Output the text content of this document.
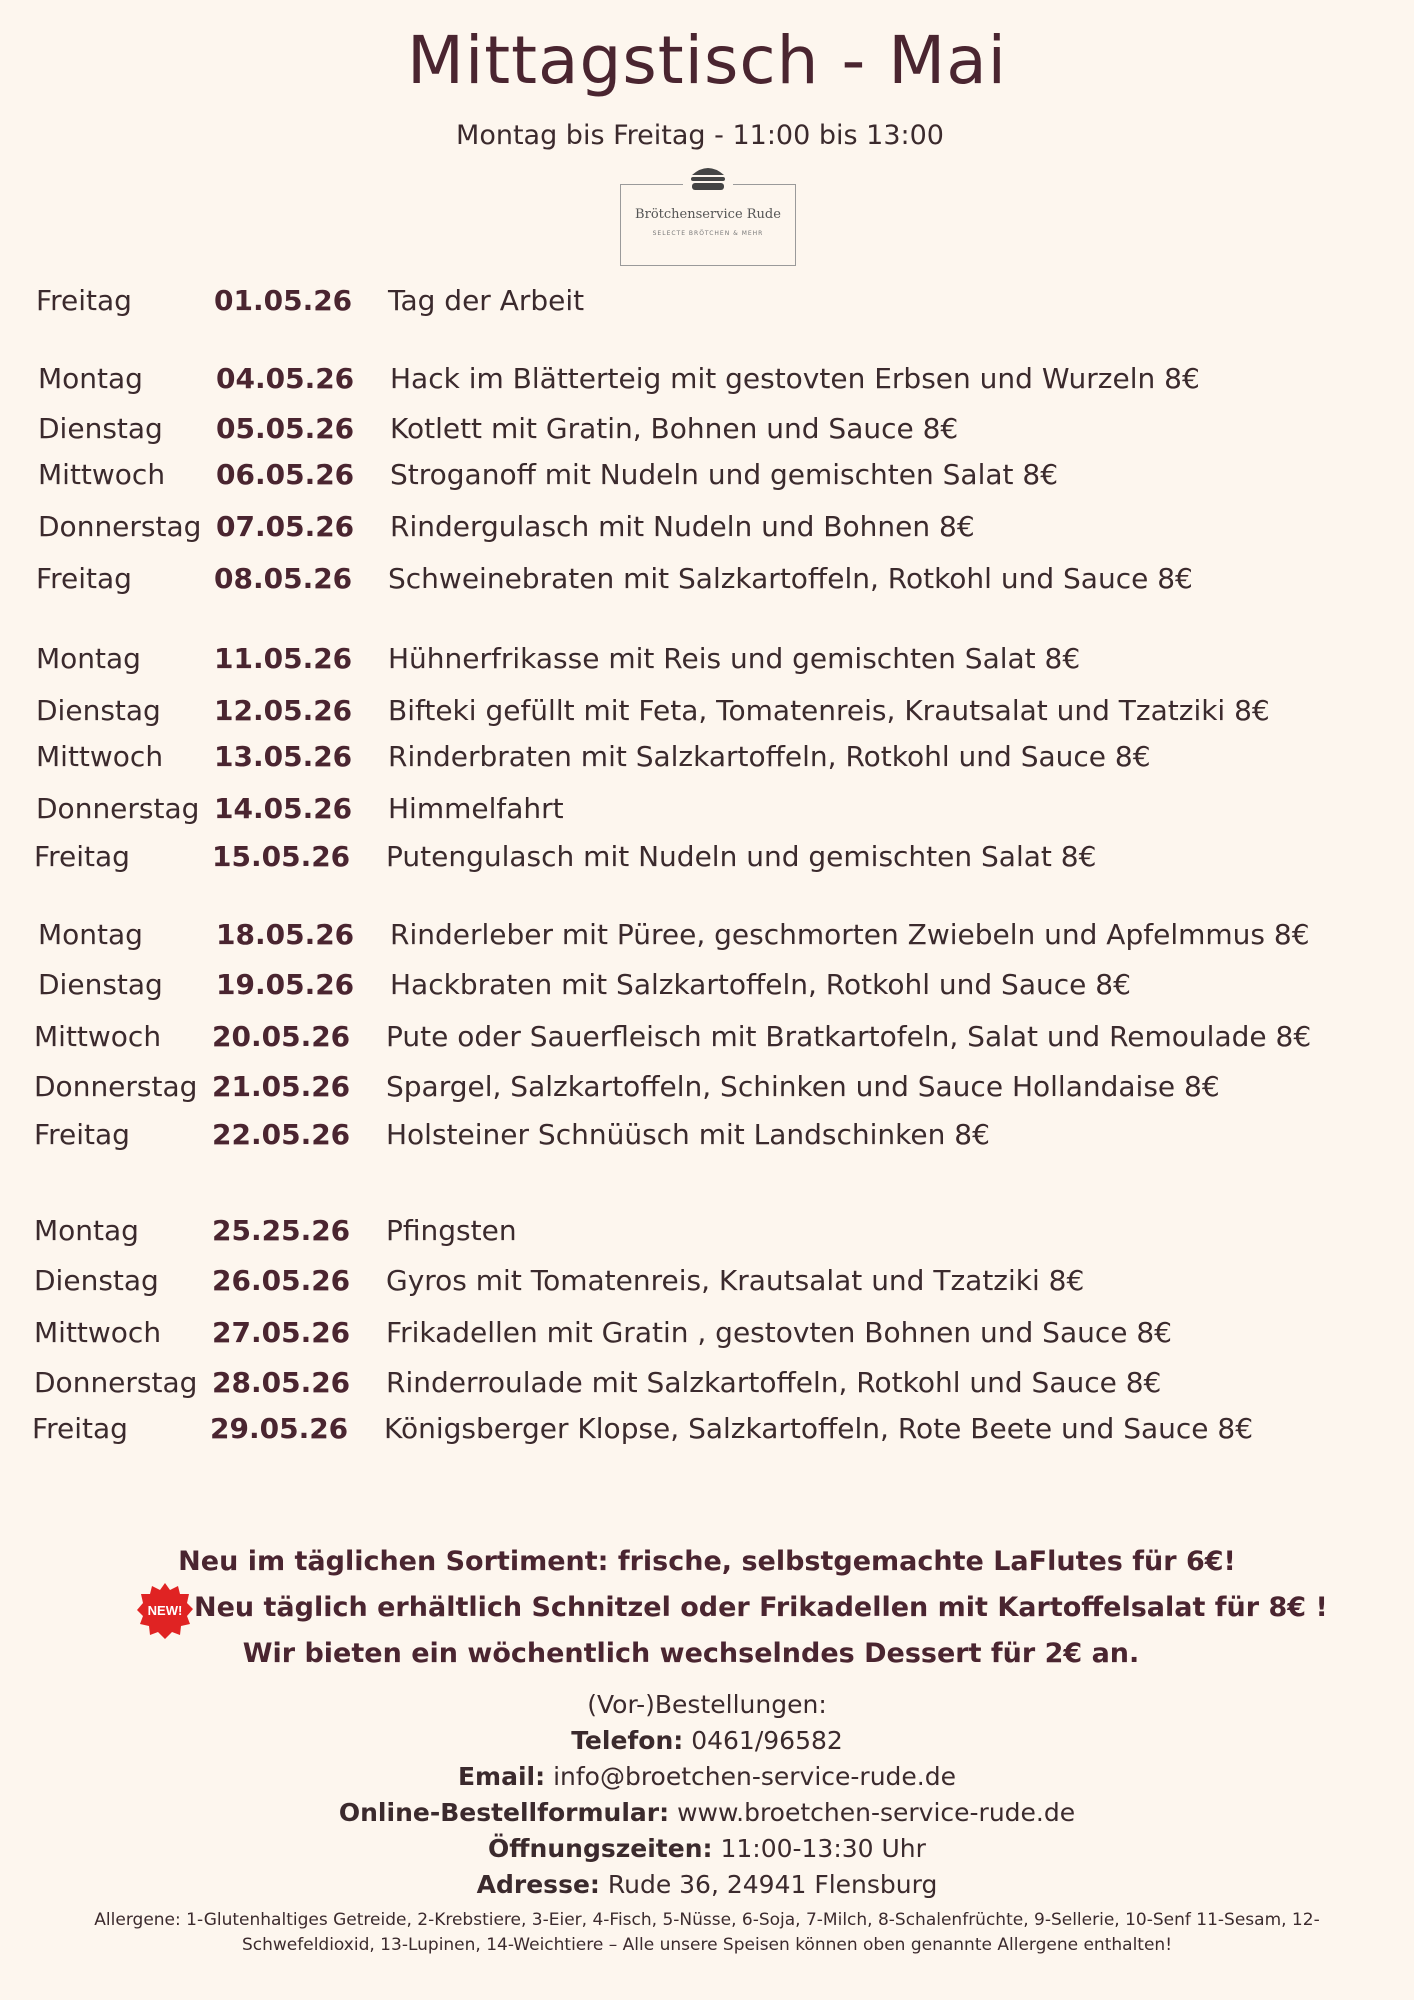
Mittagstisch - Mai
Montag bis Freitag - 11:00 bis 13:00
Brötchenservice Rude
SELECTE BRÖTCHEN & MEHR
Freitag	01.05.26 Tag der Arbeit
Montag	04.05.26 Hack im Blätterteig mit gestovten Erbsen und Wurzeln 8€
Dienstag 05.05.26 Kotlett mit Gratin, Bohnen und Sauce 8€
Mittwoch 06.05.26 Stroganoff mit Nudeln und gemischten Salat 8€
Donnerstag 07.05.26 Rindergulasch mit Nudeln und Bohnen 8€
Freitag	08.05.26 Schweinebraten mit Salzkartoffeln, Rotkohl und Sauce 8€
Montag	11.05.26 Hühnerfrikasse mit Reis und gemischten Salat 8€
Dienstag 12.05.26 Bifteki gefüllt mit Feta, Tomatenreis, Krautsalat und Tzatziki 8€
Mittwoch 13.05.26 Rinderbraten mit Salzkartoffeln, Rotkohl und Sauce 8€
Donnerstag 14.05.26 Himmelfahrt
Freitag	15.05.26 Putengulasch mit Nudeln und gemischten Salat 8€
Montag	18.05.26 Rinderleber mit Püree, geschmorten Zwiebeln und Apfelmmus 8€
Dienstag 19.05.26 Hackbraten mit Salzkartoffeln, Rotkohl und Sauce 8€
Mittwoch 20.05.26 Pute oder Sauerfleisch mit Bratkartofeln, Salat und Remoulade 8€
Donnerstag 21.05.26 Spargel, Salzkartoffeln, Schinken und Sauce Hollandaise 8€
Freitag	22.05.26 Holsteiner Schnüüsch mit Landschinken 8€
Montag	25.25.26 Pfingsten
Dienstag 26.05.26 Gyros mit Tomatenreis, Krautsalat und Tzatziki 8€
Mittwoch 27.05.26 Frikadellen mit Gratin , gestovten Bohnen und Sauce 8€
Donnerstag 28.05.26 Rinderroulade mit Salzkartoffeln, Rotkohl und Sauce 8€
Freitag	29.05.26 Königsberger Klopse, Salzkartoffeln, Rote Beete und Sauce 8€
Neu im täglichen Sortiment: frische, selbstgemachte LaFlutes für 6€!
NEW! Neu täglich erhältlich Schnitzel oder Frikadellen mit Kartoffelsalat für 8€ !
Wir bieten ein wöchentlich wechselndes Dessert für 2€ an.
(Vor-)Bestellungen:
Telefon: 0461/96582
Email: info@broetchen-service-rude.de
Online-Bestellformular: www.broetchen-service-rude.de
Öffnungszeiten: 11:00-13:30 Uhr
Adresse: Rude 36, 24941 Flensburg
Allergene: 1-Glutenhaltiges Getreide, 2-Krebstiere, 3-Eier, 4-Fisch, 5-Nüsse, 6-Soja, 7-Milch, 8-Schalenfrüchte, 9-Sellerie, 10-Senf 11-Sesam, 12-
Schwefeldioxid, 13-Lupinen, 14-Weichtiere – Alle unsere Speisen können oben genannte Allergene enthalten!
